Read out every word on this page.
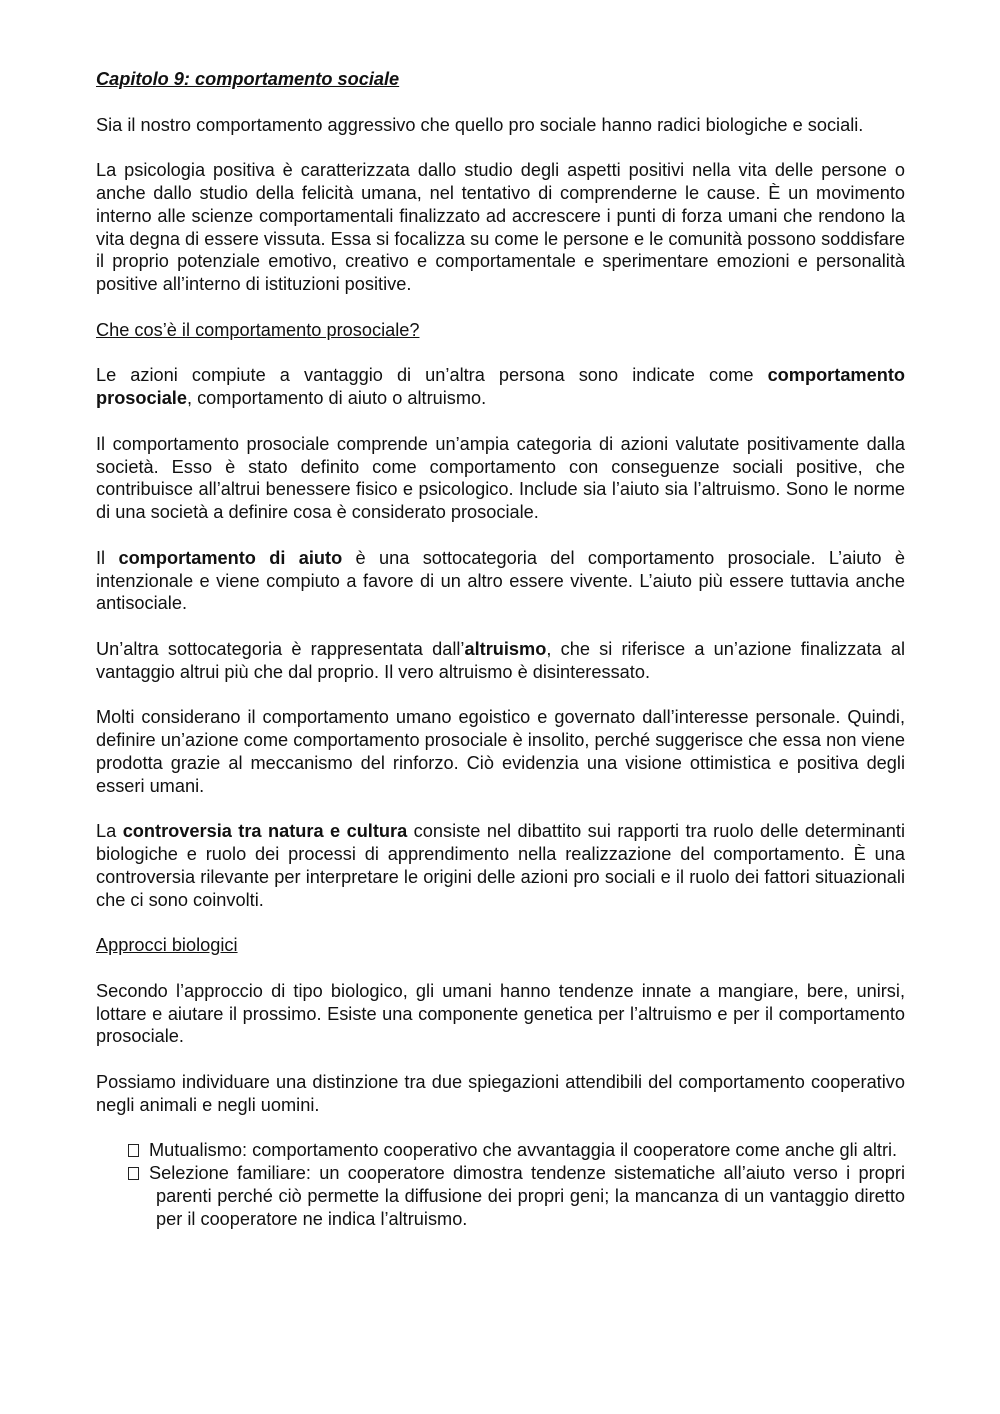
Capitolo 9: comportamento sociale

Sia il nostro comportamento aggressivo che quello pro sociale hanno radici biologiche e sociali.

La psicologia positiva è caratterizzata dallo studio degli aspetti positivi nella vita delle persone o anche dallo studio della felicità umana, nel tentativo di comprenderne le cause. È un movimento interno alle scienze comportamentali finalizzato ad accrescere i punti di forza umani che rendono la vita degna di essere vissuta. Essa si focalizza su come le persone e le comunità possono soddisfare il proprio potenziale emotivo, creativo e comportamentale e sperimentare emozioni e personalità positive all’interno di istituzioni positive.

Che cos’è il comportamento prosociale?

Le azioni compiute a vantaggio di un’altra persona sono indicate come comportamento prosociale, comportamento di aiuto o altruismo.

Il comportamento prosociale comprende un’ampia categoria di azioni valutate positivamente dalla società. Esso è stato definito come comportamento con conseguenze sociali positive, che contribuisce all’altrui benessere fisico e psicologico. Include sia l’aiuto sia l’altruismo. Sono le norme di una società a definire cosa è considerato prosociale.

Il comportamento di aiuto è una sottocategoria del comportamento prosociale. L’aiuto è intenzionale e viene compiuto a favore di un altro essere vivente. L’aiuto più essere tuttavia anche antisociale.

Un’altra sottocategoria è rappresentata dall’altruismo, che si riferisce a un’azione finalizzata al vantaggio altrui più che dal proprio. Il vero altruismo è disinteressato.

Molti considerano il comportamento umano egoistico e governato dall’interesse personale. Quindi, definire un’azione come comportamento prosociale è insolito, perché suggerisce che essa non viene prodotta grazie al meccanismo del rinforzo. Ciò evidenzia una visione ottimistica e positiva degli esseri umani.

La controversia tra natura e cultura consiste nel dibattito sui rapporti tra ruolo delle determinanti biologiche e ruolo dei processi di apprendimento nella realizzazione del comportamento. È una controversia rilevante per interpretare le origini delle azioni pro sociali e il ruolo dei fattori situazionali che ci sono coinvolti.

Approcci biologici

Secondo l’approccio di tipo biologico, gli umani hanno tendenze innate a mangiare, bere, unirsi, lottare e aiutare il prossimo. Esiste una componente genetica per l’altruismo e per il comportamento prosociale.

Possiamo individuare una distinzione tra due spiegazioni attendibili del comportamento cooperativo negli animali e negli uomini.

Mutualismo: comportamento cooperativo che avvantaggia il cooperatore come anche gli altri.
Selezione familiare: un cooperatore dimostra tendenze sistematiche all’aiuto verso i propri parenti perché ciò permette la diffusione dei propri geni; la mancanza di un vantaggio diretto per il cooperatore ne indica l’altruismo.
